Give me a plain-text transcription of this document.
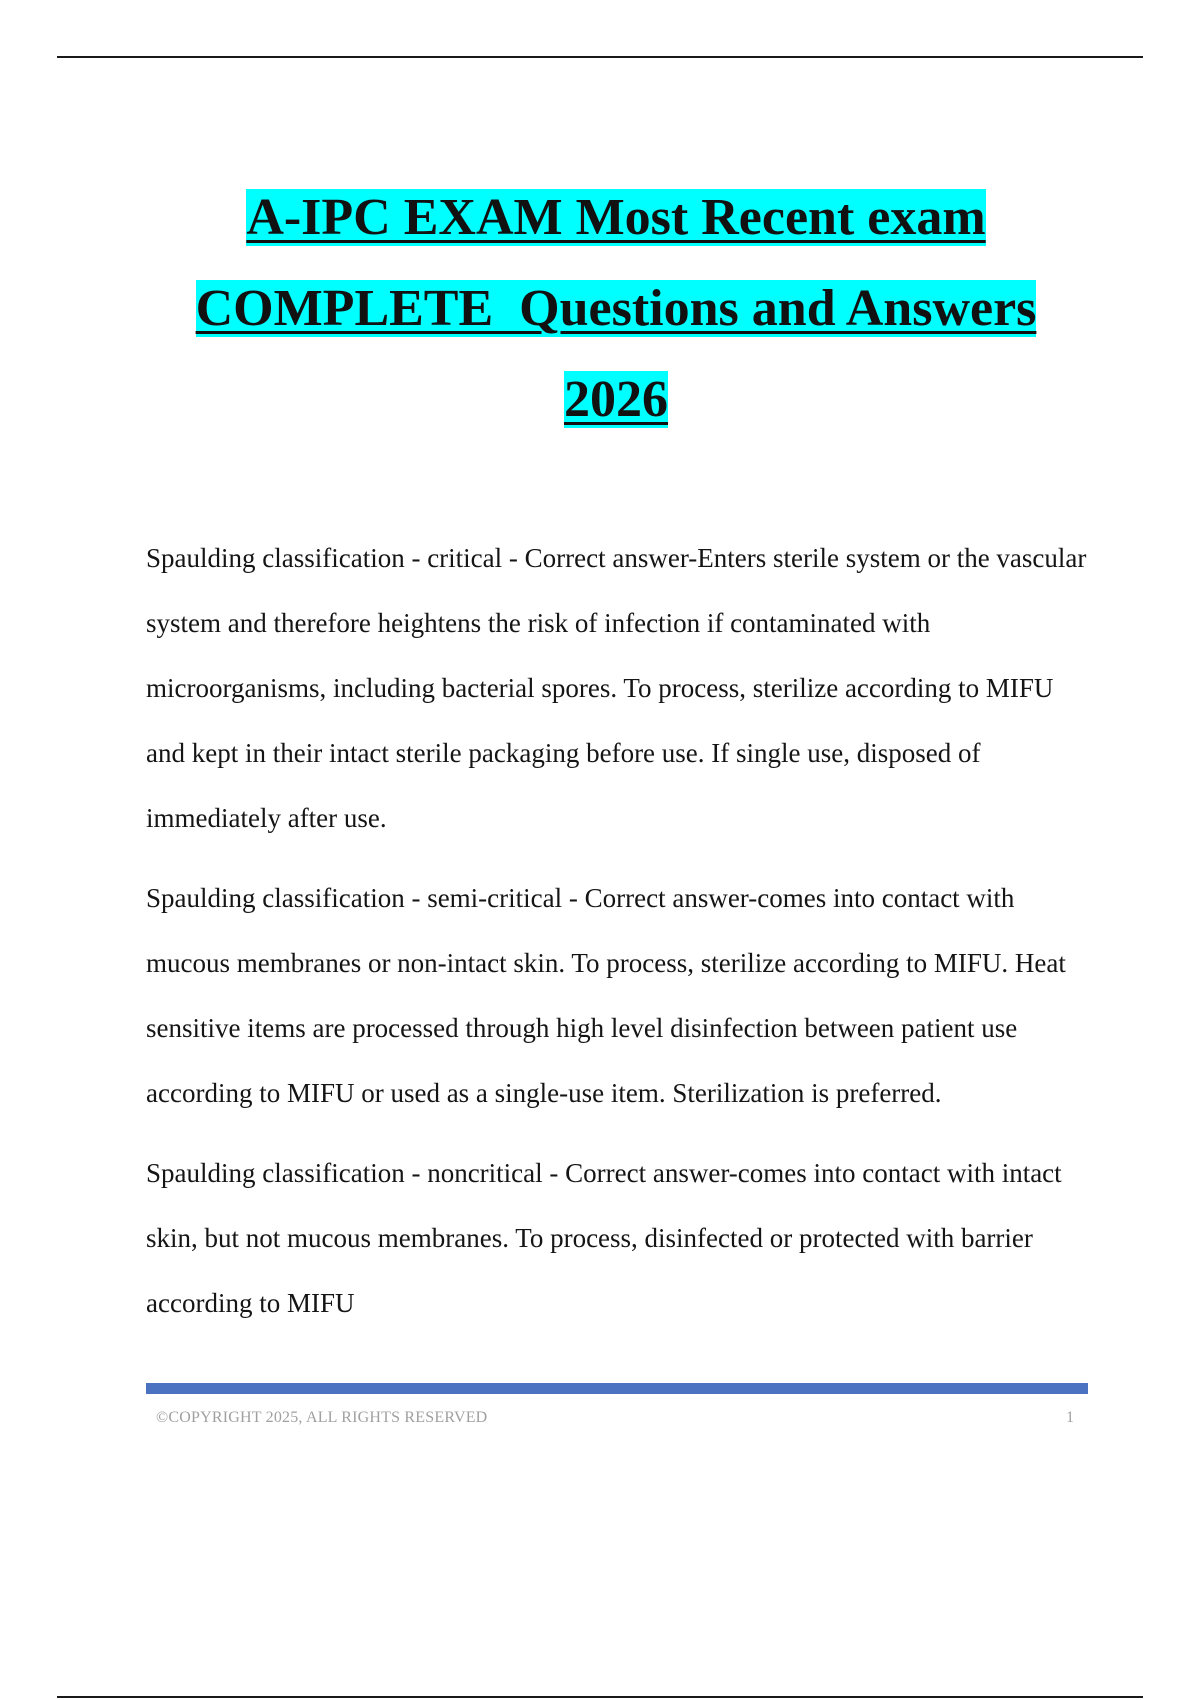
A-IPC EXAM Most Recent exam
COMPLETE  Questions and Answers
2026

Spaulding classification - critical - Correct answer-Enters sterile system or the vascular system and therefore heightens the risk of infection if contaminated with microorganisms, including bacterial spores. To process, sterilize according to MIFU and kept in their intact sterile packaging before use. If single use, disposed of immediately after use.

Spaulding classification - semi-critical - Correct answer-comes into contact with mucous membranes or non-intact skin. To process, sterilize according to MIFU. Heat sensitive items are processed through high level disinfection between patient use according to MIFU or used as a single-use item. Sterilization is preferred.

Spaulding classification - noncritical - Correct answer-comes into contact with intact skin, but not mucous membranes. To process, disinfected or protected with barrier according to MIFU

©COPYRIGHT 2025, ALL RIGHTS RESERVED	1
